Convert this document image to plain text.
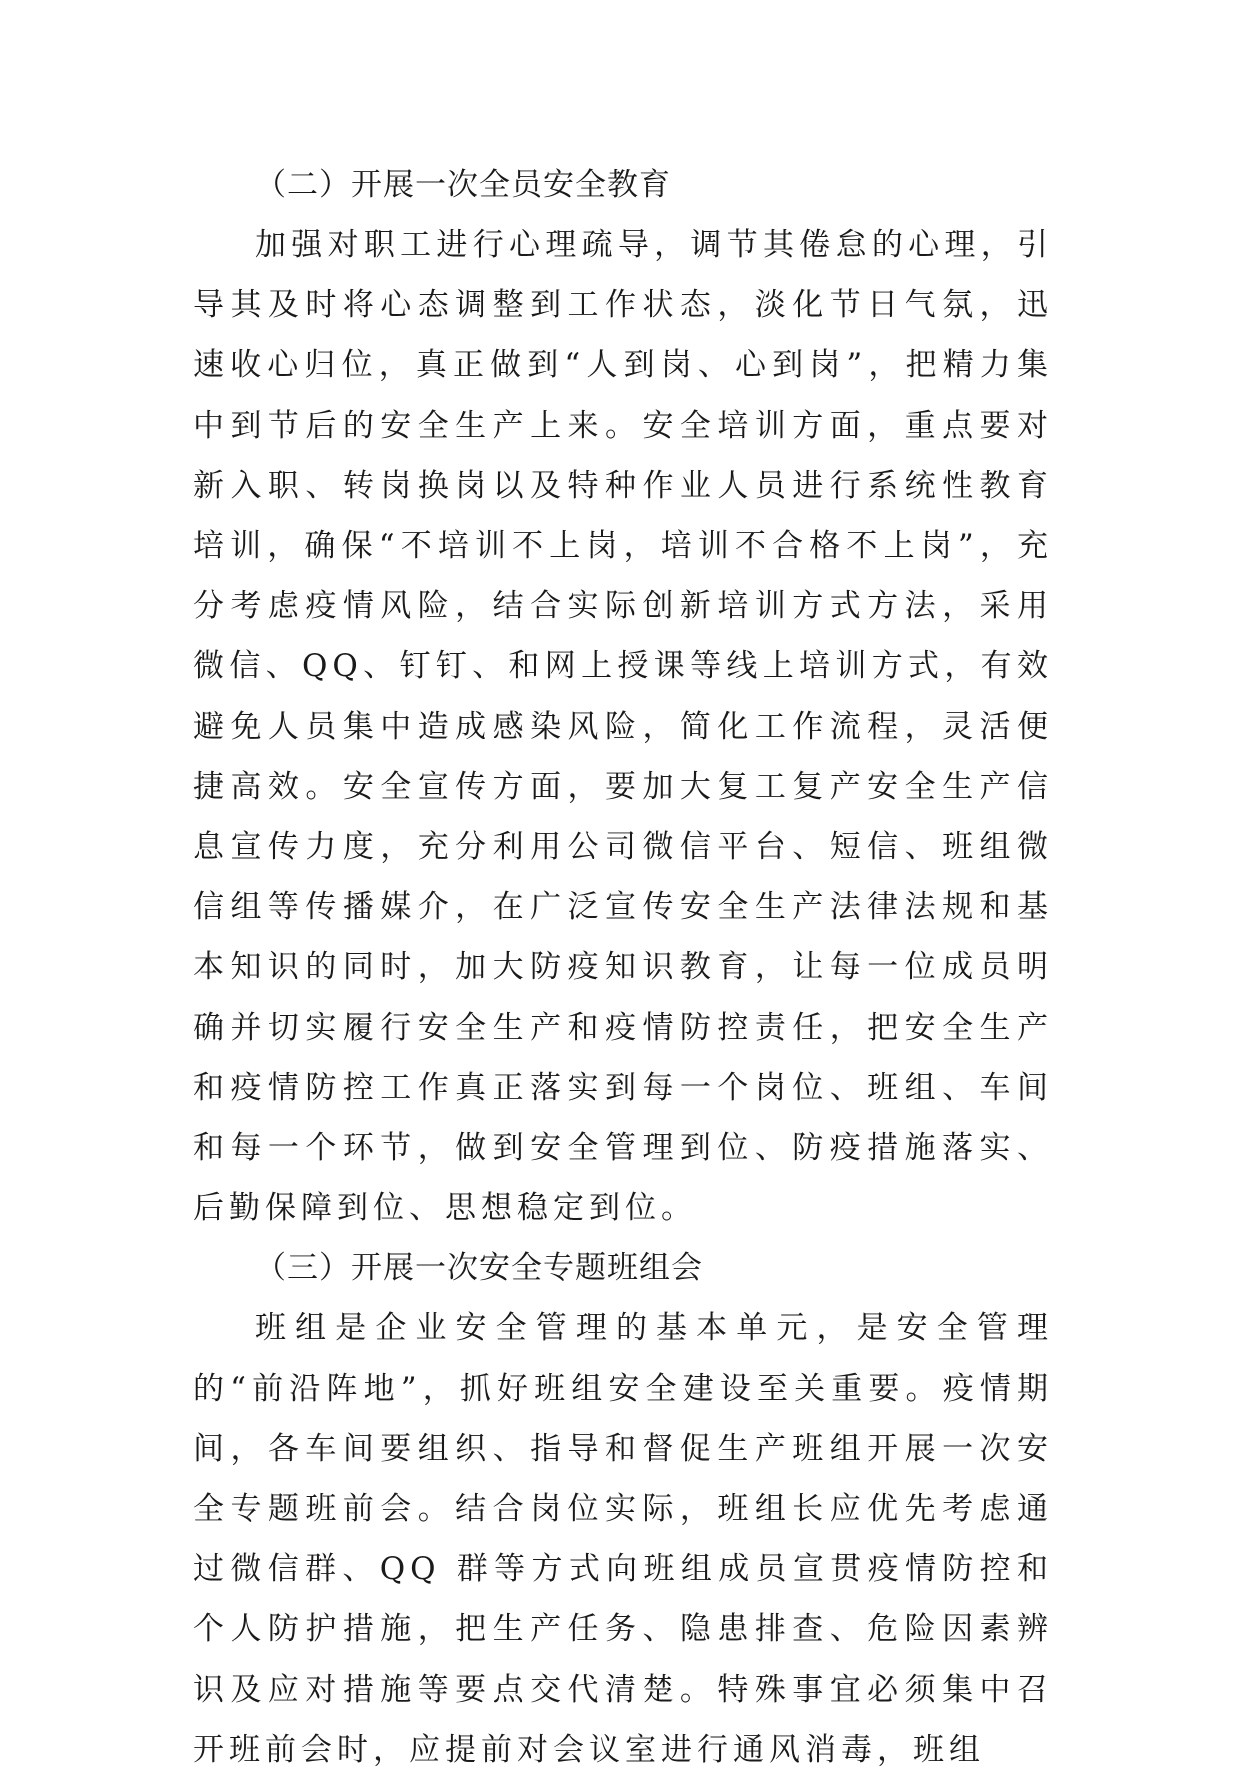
（二）开展一次全员安全教育
加强对职工进行心理疏导，调节其倦怠的心理，引导其及时将心态调整到工作状态，淡化节日气氛，迅速收心归位，真正做到“人到岗、心到岗”，把精力集中到节后的安全生产上来。安全培训方面，重点要对新入职、转岗换岗以及特种作业人员进行系统性教育培训，确保“不培训不上岗，培训不合格不上岗”，充分考虑疫情风险，结合实际创新培训方式方法，采用微信、QQ、钉钉、和网上授课等线上培训方式，有效避免人员集中造成感染风险，简化工作流程，灵活便捷高效。安全宣传方面，要加大复工复产安全生产信息宣传力度，充分利用公司微信平台、短信、班组微信组等传播媒介，在广泛宣传安全生产法律法规和基本知识的同时，加大防疫知识教育，让每一位成员明确并切实履行安全生产和疫情防控责任，把安全生产和疫情防控工作真正落实到每一个岗位、班组、车间和每一个环节，做到安全管理到位、防疫措施落实、后勤保障到位、思想稳定到位。
（三）开展一次安全专题班组会
班组是企业安全管理的基本单元，是安全管理的“前沿阵地”，抓好班组安全建设至关重要。疫情期间，各车间要组织、指导和督促生产班组开展一次安全专题班前会。结合岗位实际，班组长应优先考虑通过微信群、QQ 群等方式向班组成员宣贯疫情防控和个人防护措施，把生产任务、隐患排查、危险因素辨识及应对措施等要点交代清楚。特殊事宜必须集中召开班前会时，应提前对会议室进行通风消毒，班组
